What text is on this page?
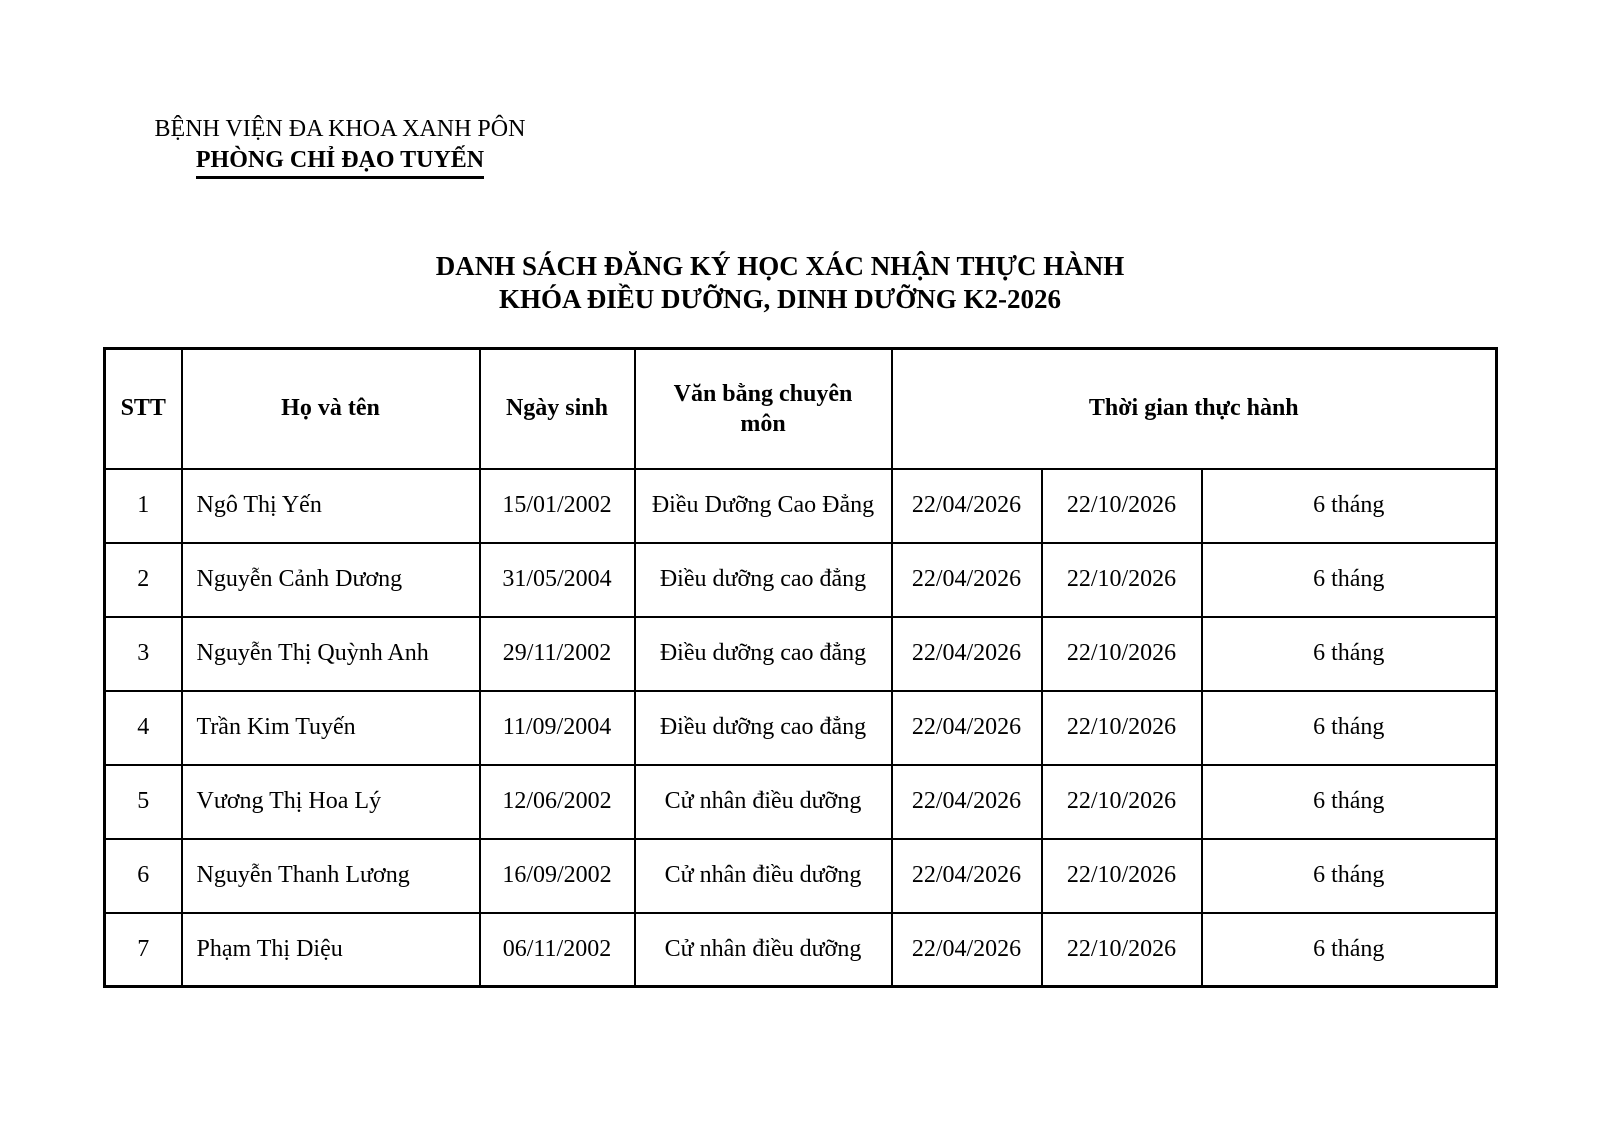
BỆNH VIỆN ĐA KHOA XANH PÔN
PHÒNG CHỈ ĐẠO TUYẾN
DANH SÁCH ĐĂNG KÝ HỌC XÁC NHẬN THỰC HÀNH
KHÓA ĐIỀU DƯỠNG, DINH DƯỠNG K2-2026
STT	Họ và tên	Ngày sinh	Văn bằng chuyên môn	Thời gian thực hành		
1	Ngô Thị Yến	15/01/2002	Điều Dưỡng Cao Đẳng	22/04/2026	22/10/2026	6 tháng
2	Nguyễn Cảnh Dương	31/05/2004	Điều dưỡng cao đẳng	22/04/2026	22/10/2026	6 tháng
3	Nguyễn Thị Quỳnh Anh	29/11/2002	Điều dưỡng cao đẳng	22/04/2026	22/10/2026	6 tháng
4	Trần Kim Tuyến	11/09/2004	Điều dưỡng cao đẳng	22/04/2026	22/10/2026	6 tháng
5	Vương Thị Hoa Lý	12/06/2002	Cử nhân điều dưỡng	22/04/2026	22/10/2026	6 tháng
6	Nguyễn Thanh Lương	16/09/2002	Cử nhân điều dưỡng	22/04/2026	22/10/2026	6 tháng
7	Phạm Thị Diệu	06/11/2002	Cử nhân điều dưỡng	22/04/2026	22/10/2026	6 tháng
